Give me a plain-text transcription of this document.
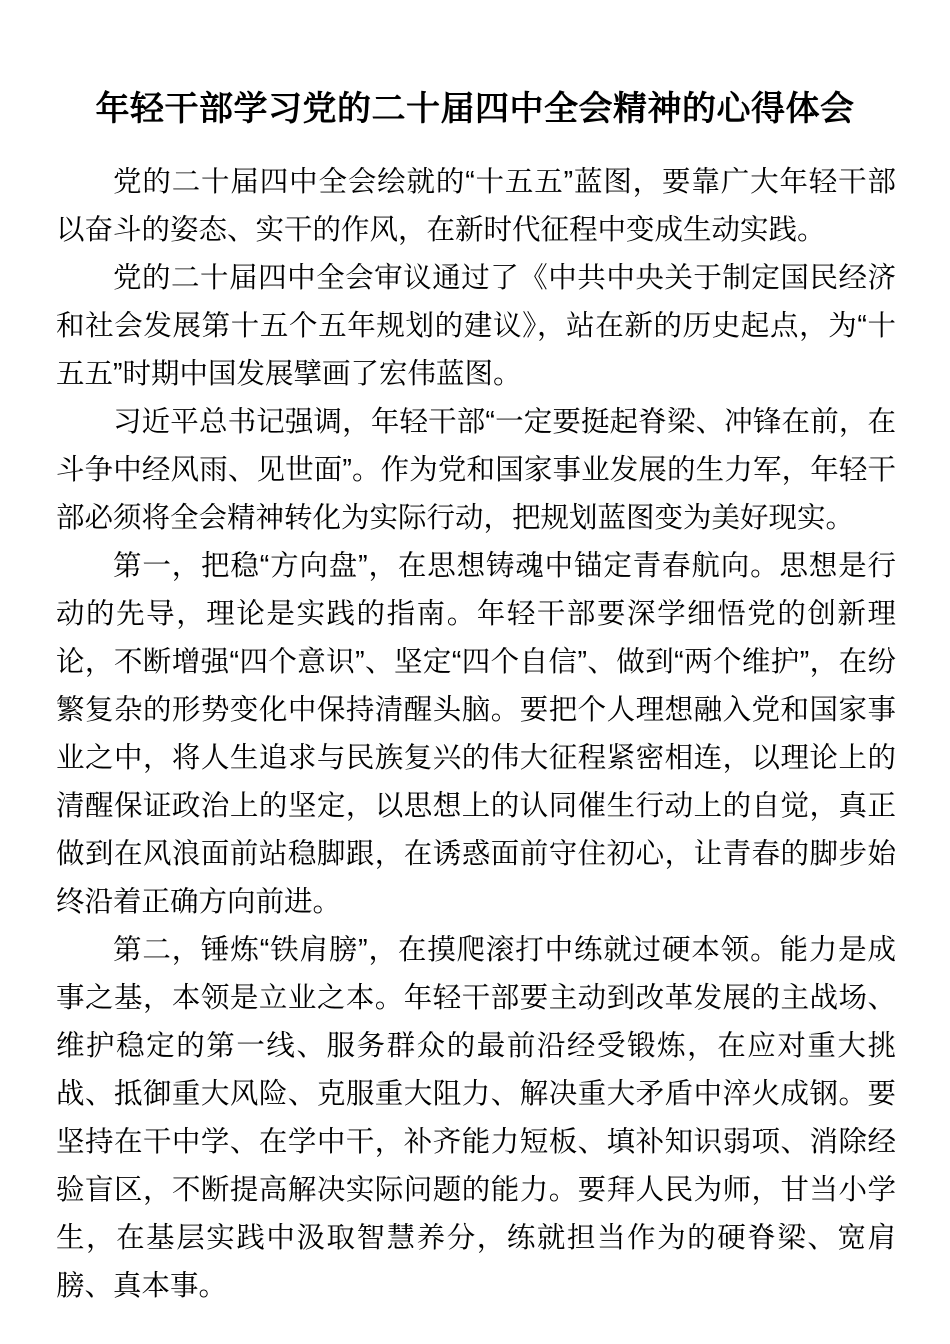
年轻干部学习党的二十届四中全会精神的心得体会

党的二十届四中全会绘就的“十五五”蓝图，要靠广大年轻干部以奋斗的姿态、实干的作风，在新时代征程中变成生动实践。

党的二十届四中全会审议通过了《中共中央关于制定国民经济和社会发展第十五个五年规划的建议》，站在新的历史起点，为“十五五”时期中国发展擘画了宏伟蓝图。

习近平总书记强调，年轻干部“一定要挺起脊梁、冲锋在前，在斗争中经风雨、见世面”。作为党和国家事业发展的生力军，年轻干部必须将全会精神转化为实际行动，把规划蓝图变为美好现实。

第一，把稳“方向盘”，在思想铸魂中锚定青春航向。思想是行动的先导，理论是实践的指南。年轻干部要深学细悟党的创新理论，不断增强“四个意识”、坚定“四个自信”、做到“两个维护”，在纷繁复杂的形势变化中保持清醒头脑。要把个人理想融入党和国家事业之中，将人生追求与民族复兴的伟大征程紧密相连，以理论上的清醒保证政治上的坚定，以思想上的认同催生行动上的自觉，真正做到在风浪面前站稳脚跟，在诱惑面前守住初心，让青春的脚步始终沿着正确方向前进。

第二，锤炼“铁肩膀”，在摸爬滚打中练就过硬本领。能力是成事之基，本领是立业之本。年轻干部要主动到改革发展的主战场、维护稳定的第一线、服务群众的最前沿经受锻炼，在应对重大挑战、抵御重大风险、克服重大阻力、解决重大矛盾中淬火成钢。要坚持在干中学、在学中干，补齐能力短板、填补知识弱项、消除经验盲区，不断提高解决实际问题的能力。要拜人民为师，甘当小学生，在基层实践中汲取智慧养分，练就担当作为的硬脊梁、宽肩膀、真本事。
